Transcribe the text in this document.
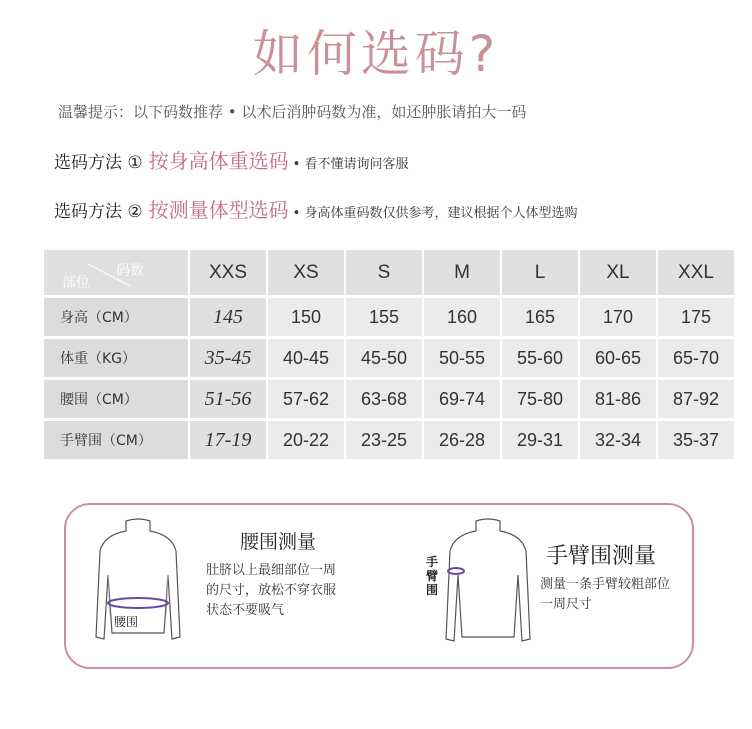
如何选码?
温馨提示：以下码数推荐 • 以术后消肿码数为准，如还肿胀请拍大一码
选码方法 ① 按身高体重选码 • 看不懂请询问客服
选码方法 ② 按测量体型选码 • 身高体重码数仅供参考，建议根据个人体型选购
码数
部位	XXS	XS	S	M	L	XL	XXL
身高（CM）	145	150	155	160	165	170	175
体重（KG）	35-45	40-45	45-50	50-55	55-60	60-65	65-70
腰围（CM）	51-56	57-62	63-68	69-74	75-80	81-86	87-92
手臂围（CM）	17-19	20-22	23-25	26-28	29-31	32-34	35-37
腰围
腰围测量
肚脐以上最细部位一周
的尺寸，放松不穿衣服
状态不要吸气
手臂围
手臂围测量
测量一条手臂较粗部位
一周尺寸
